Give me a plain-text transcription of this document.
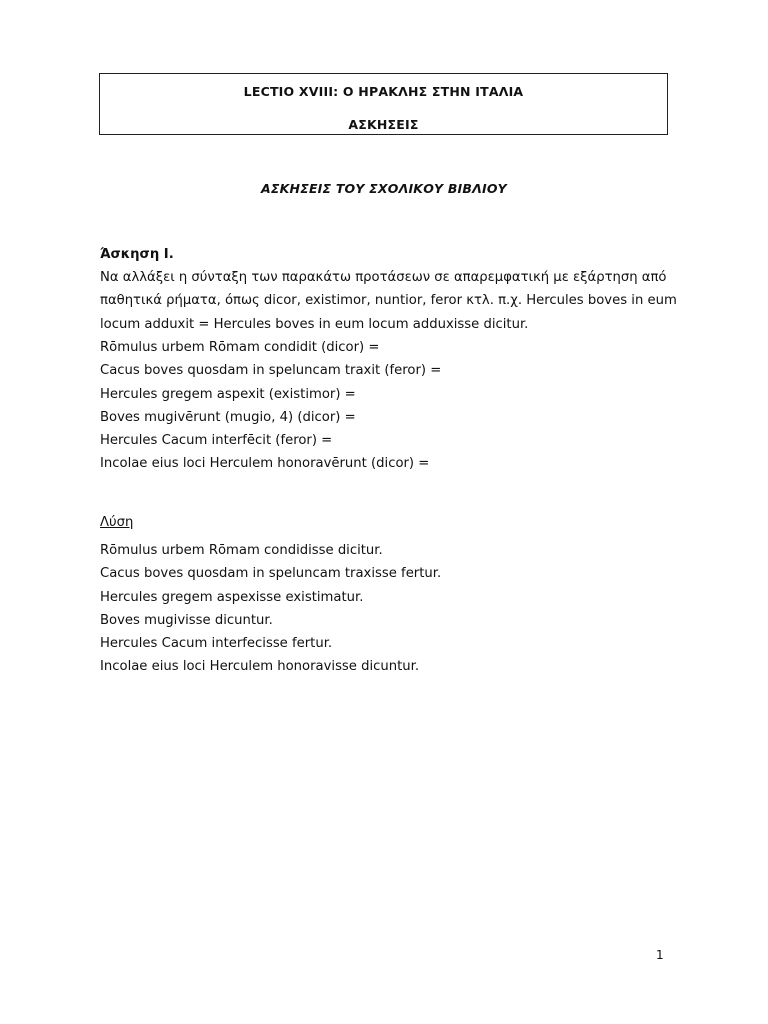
LECTIO XVIII: Ο ΗΡΑΚΛΗΣ ΣΤΗΝ ΙΤΑΛΙΑ
ΑΣΚΗΣΕΙΣ
ΑΣΚΗΣΕΙΣ ΤΟΥ ΣΧΟΛΙΚΟΥ ΒΙΒΛΙΟΥ
Άσκηση Ι.

Να αλλάξει η σύνταξη των παρακάτω προτάσεων σε απαρεμφατική με εξάρτηση από

παθητικά ρήματα, όπως dicor, existimor, nuntior, feror κτλ. π.χ. Hercules boves in eum

locum adduxit = Hercules boves in eum locum adduxisse dicitur.

Rōmulus urbem Rōmam condidit (dicor) =

Cacus boves quosdam in speluncam traxit (feror) =

Hercules gregem aspexit (existimor) =

Boves mugivērunt (mugio, 4) (dicor) =

Hercules Cacum interfēcit (feror) =

Incolae eius loci Herculem honoravērunt (dicor) =

Λύση

Rōmulus urbem Rōmam condidisse dicitur.

Cacus boves quosdam in speluncam traxisse fertur.

Hercules gregem aspexisse existimatur.

Boves mugivisse dicuntur.

Hercules Cacum interfecisse fertur.

Incolae eius loci Herculem honoravisse dicuntur.

1
